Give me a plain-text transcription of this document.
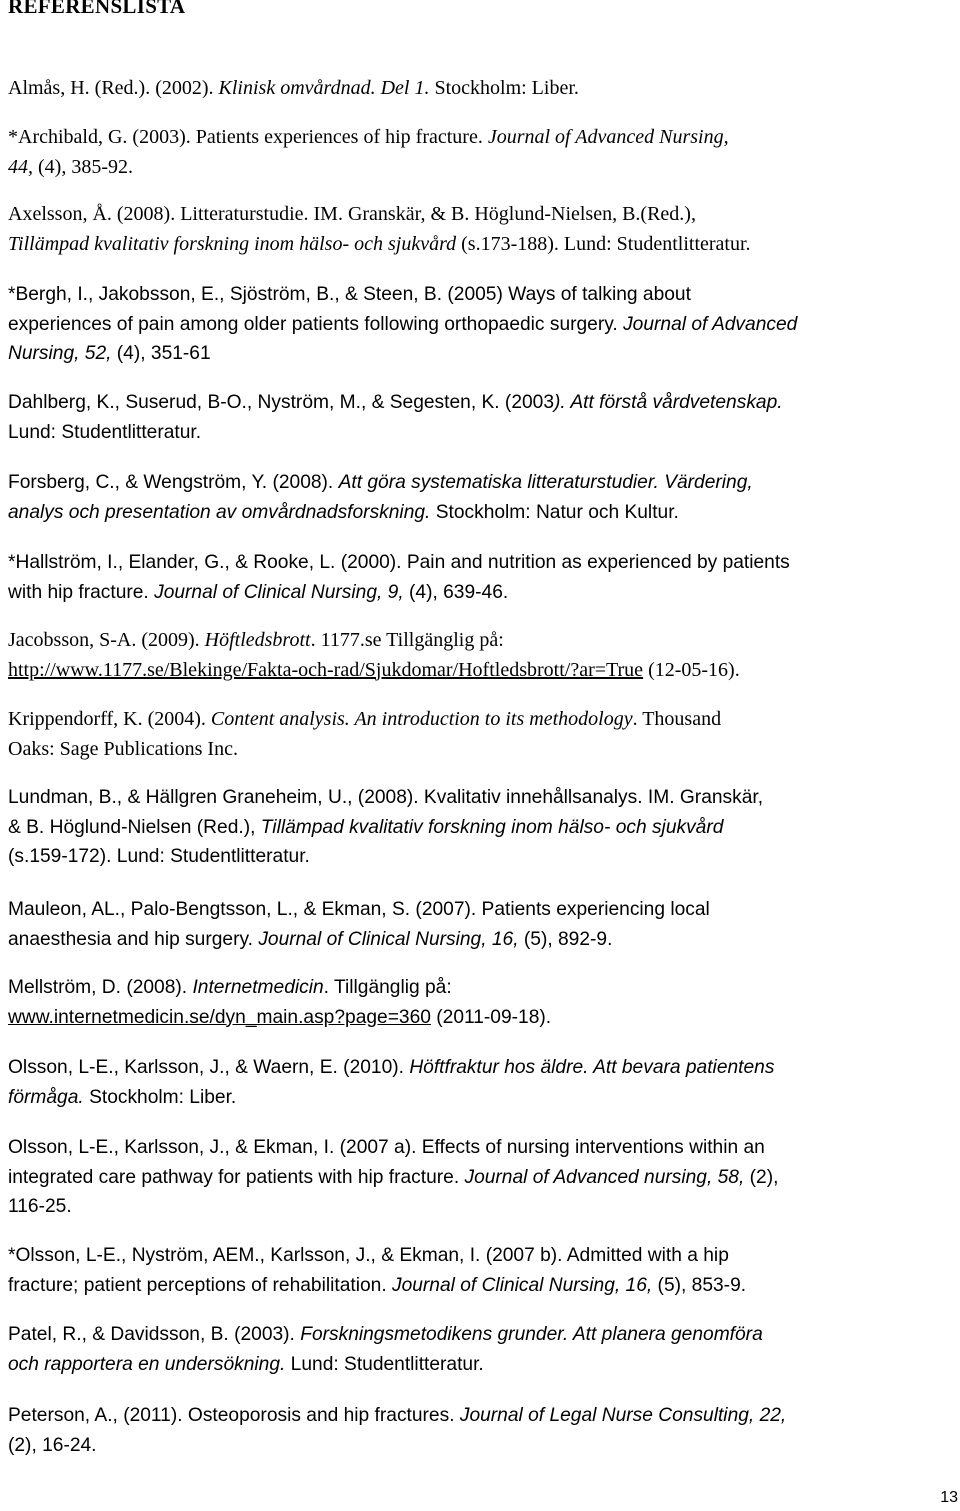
REFERENSLISTA
Almås, H. (Red.). (2002). Klinisk omvårdnad. Del 1. Stockholm: Liber.
*Archibald, G. (2003). Patients experiences of hip fracture. Journal of Advanced Nursing,
44, (4), 385-92.
Axelsson, Å. (2008). Litteraturstudie. IM. Granskär, & B. Höglund-Nielsen, B.(Red.),
Tillämpad kvalitativ forskning inom hälso- och sjukvård (s.173-188). Lund: Studentlitteratur.
*Bergh, I., Jakobsson, E., Sjöström, B., & Steen, B. (2005) Ways of talking about
experiences of pain among older patients following orthopaedic surgery. Journal of Advanced
Nursing, 52, (4), 351-61
Dahlberg, K., Suserud, B-O., Nyström, M., & Segesten, K. (2003). Att förstå vårdvetenskap.
Lund: Studentlitteratur.
Forsberg, C., & Wengström, Y. (2008). Att göra systematiska litteraturstudier. Värdering,
analys och presentation av omvårdnadsforskning. Stockholm: Natur och Kultur.
*Hallström, I., Elander, G., & Rooke, L. (2000). Pain and nutrition as experienced by patients
with hip fracture. Journal of Clinical Nursing, 9, (4), 639-46.
Jacobsson, S-A. (2009). Höftledsbrott. 1177.se Tillgänglig på:
http://www.1177.se/Blekinge/Fakta-och-rad/Sjukdomar/Hoftledsbrott/?ar=True (12-05-16).
Krippendorff, K. (2004). Content analysis. An introduction to its methodology. Thousand
Oaks: Sage Publications Inc.
Lundman, B., & Hällgren Graneheim, U., (2008). Kvalitativ innehållsanalys. IM. Granskär,
& B. Höglund-Nielsen (Red.), Tillämpad kvalitativ forskning inom hälso- och sjukvård
(s.159-172). Lund: Studentlitteratur.
Mauleon, AL., Palo-Bengtsson, L., & Ekman, S. (2007). Patients experiencing local
anaesthesia and hip surgery. Journal of Clinical Nursing, 16, (5), 892-9.
Mellström, D. (2008). Internetmedicin. Tillgänglig på:
www.internetmedicin.se/dyn_main.asp?page=360 (2011-09-18).
Olsson, L-E., Karlsson, J., & Waern, E. (2010). Höftfraktur hos äldre. Att bevara patientens
förmåga. Stockholm: Liber.
Olsson, L-E., Karlsson, J., & Ekman, I. (2007 a). Effects of nursing interventions within an
integrated care pathway for patients with hip fracture. Journal of Advanced nursing, 58, (2),
116-25.
*Olsson, L-E., Nyström, AEM., Karlsson, J., & Ekman, I. (2007 b). Admitted with a hip
fracture; patient perceptions of rehabilitation. Journal of Clinical Nursing, 16, (5), 853-9.
Patel, R., & Davidsson, B. (2003). Forskningsmetodikens grunder. Att planera genomföra
och rapportera en undersökning. Lund: Studentlitteratur.
Peterson, A., (2011). Osteoporosis and hip fractures. Journal of Legal Nurse Consulting, 22,
(2), 16-24.
13
